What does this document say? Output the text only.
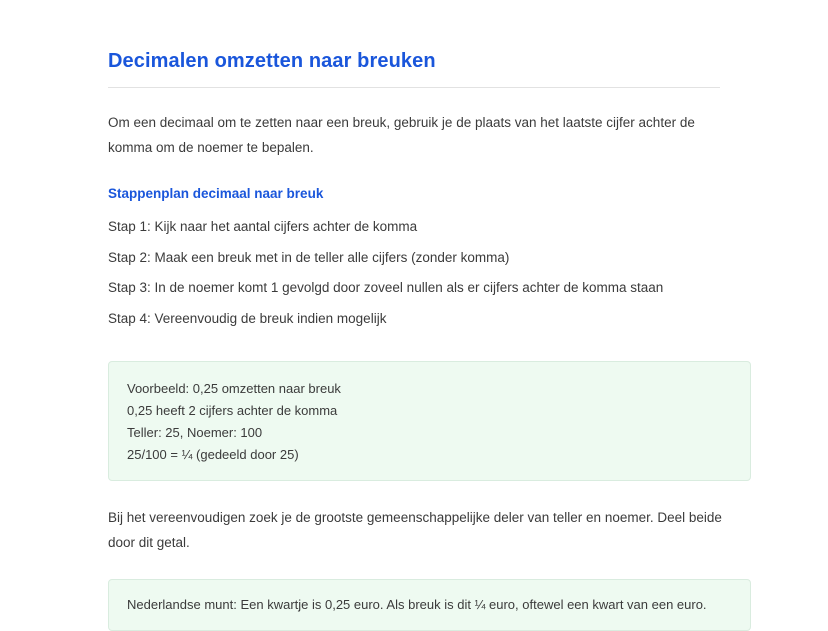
Decimalen omzetten naar breuken

Om een decimaal om te zetten naar een breuk, gebruik je de plaats van het laatste cijfer achter de komma om de noemer te bepalen.

Stappenplan decimaal naar breuk
Stap 1: Kijk naar het aantal cijfers achter de komma
Stap 2: Maak een breuk met in de teller alle cijfers (zonder komma)
Stap 3: In de noemer komt 1 gevolgd door zoveel nullen als er cijfers achter de komma staan
Stap 4: Vereenvoudig de breuk indien mogelijk
Voorbeeld: 0,25 omzetten naar breuk
0,25 heeft 2 cijfers achter de komma
Teller: 25, Noemer: 100
25/100 = ¼ (gedeeld door 25)

Bij het vereenvoudigen zoek je de grootste gemeenschappelijke deler van teller en noemer. Deel beide door dit getal.

Nederlandse munt: Een kwartje is 0,25 euro. Als breuk is dit ¼ euro, oftewel een kwart van een euro.
